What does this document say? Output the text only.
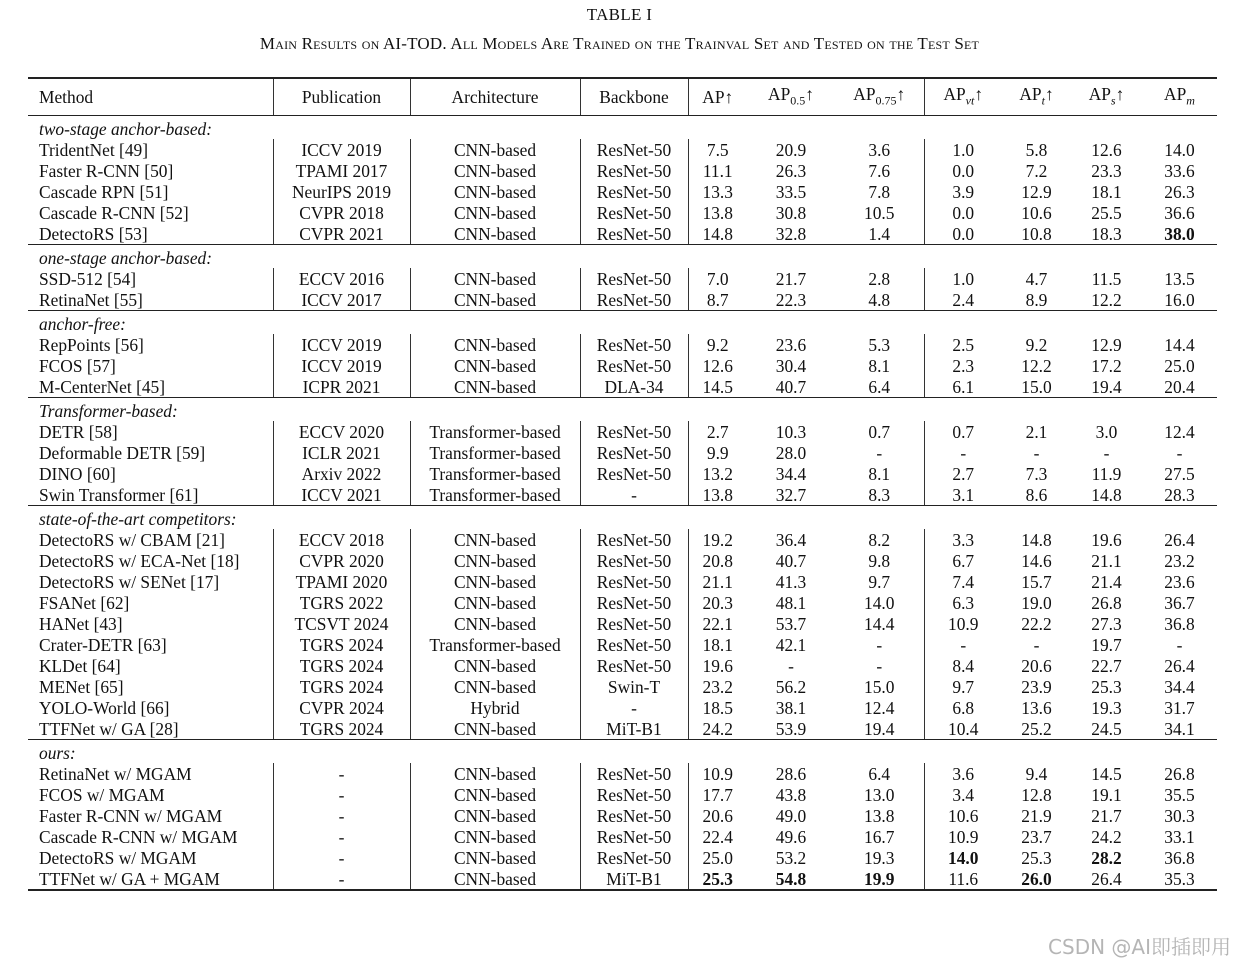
TABLE I
Main Results on AI-TOD. All Models Are Trained on the Trainval Set and Tested on the Test Set
Method	Publication	Architecture	Backbone	AP↑	$AP_{0.5}↑$	$AP_{0.75}↑$	$AP_{vt}↑$	$AP_t↑$	$AP_s↑$	$AP_m$
two-stage anchor-based:										
TridentNet [49]	ICCV 2019	CNN-based	ResNet-50	7.5	20.9	3.6	1.0	5.8	12.6	14.0
Faster R-CNN [50]	TPAMI 2017	CNN-based	ResNet-50	11.1	26.3	7.6	0.0	7.2	23.3	33.6
Cascade RPN [51]	NeurIPS 2019	CNN-based	ResNet-50	13.3	33.5	7.8	3.9	12.9	18.1	26.3
Cascade R-CNN [52]	CVPR 2018	CNN-based	ResNet-50	13.8	30.8	10.5	0.0	10.6	25.5	36.6
DetectoRS [53]	CVPR 2021	CNN-based	ResNet-50	14.8	32.8	1.4	0.0	10.8	18.3	38.0
one-stage anchor-based:										
SSD-512 [54]	ECCV 2016	CNN-based	ResNet-50	7.0	21.7	2.8	1.0	4.7	11.5	13.5
RetinaNet [55]	ICCV 2017	CNN-based	ResNet-50	8.7	22.3	4.8	2.4	8.9	12.2	16.0
anchor-free:										
RepPoints [56]	ICCV 2019	CNN-based	ResNet-50	9.2	23.6	5.3	2.5	9.2	12.9	14.4
FCOS [57]	ICCV 2019	CNN-based	ResNet-50	12.6	30.4	8.1	2.3	12.2	17.2	25.0
M-CenterNet [45]	ICPR 2021	CNN-based	DLA-34	14.5	40.7	6.4	6.1	15.0	19.4	20.4
Transformer-based:										
DETR [58]	ECCV 2020	Transformer-based	ResNet-50	2.7	10.3	0.7	0.7	2.1	3.0	12.4
Deformable DETR [59]	ICLR 2021	Transformer-based	ResNet-50	9.9	28.0	-	-	-	-	-
DINO [60]	Arxiv 2022	Transformer-based	ResNet-50	13.2	34.4	8.1	2.7	7.3	11.9	27.5
Swin Transformer [61]	ICCV 2021	Transformer-based	-	13.8	32.7	8.3	3.1	8.6	14.8	28.3
state-of-the-art competitors:										
DetectoRS w/ CBAM [21]	ECCV 2018	CNN-based	ResNet-50	19.2	36.4	8.2	3.3	14.8	19.6	26.4
DetectoRS w/ ECA-Net [18]	CVPR 2020	CNN-based	ResNet-50	20.8	40.7	9.8	6.7	14.6	21.1	23.2
DetectoRS w/ SENet [17]	TPAMI 2020	CNN-based	ResNet-50	21.1	41.3	9.7	7.4	15.7	21.4	23.6
FSANet [62]	TGRS 2022	CNN-based	ResNet-50	20.3	48.1	14.0	6.3	19.0	26.8	36.7
HANet [43]	TCSVT 2024	CNN-based	ResNet-50	22.1	53.7	14.4	10.9	22.2	27.3	36.8
Crater-DETR [63]	TGRS 2024	Transformer-based	ResNet-50	18.1	42.1	-	-	-	19.7	-
KLDet [64]	TGRS 2024	CNN-based	ResNet-50	19.6	-	-	8.4	20.6	22.7	26.4
MENet [65]	TGRS 2024	CNN-based	Swin-T	23.2	56.2	15.0	9.7	23.9	25.3	34.4
YOLO-World [66]	CVPR 2024	Hybrid	-	18.5	38.1	12.4	6.8	13.6	19.3	31.7
TTFNet w/ GA [28]	TGRS 2024	CNN-based	MiT-B1	24.2	53.9	19.4	10.4	25.2	24.5	34.1
ours:										
RetinaNet w/ MGAM	-	CNN-based	ResNet-50	10.9	28.6	6.4	3.6	9.4	14.5	26.8
FCOS w/ MGAM	-	CNN-based	ResNet-50	17.7	43.8	13.0	3.4	12.8	19.1	35.5
Faster R-CNN w/ MGAM	-	CNN-based	ResNet-50	20.6	49.0	13.8	10.6	21.9	21.7	30.3
Cascade R-CNN w/ MGAM	-	CNN-based	ResNet-50	22.4	49.6	16.7	10.9	23.7	24.2	33.1
DetectoRS w/ MGAM	-	CNN-based	ResNet-50	25.0	53.2	19.3	14.0	25.3	28.2	36.8
TTFNet w/ GA + MGAM	-	CNN-based	MiT-B1	25.3	54.8	19.9	11.6	26.0	26.4	35.3
CSDN @AI即插即用
